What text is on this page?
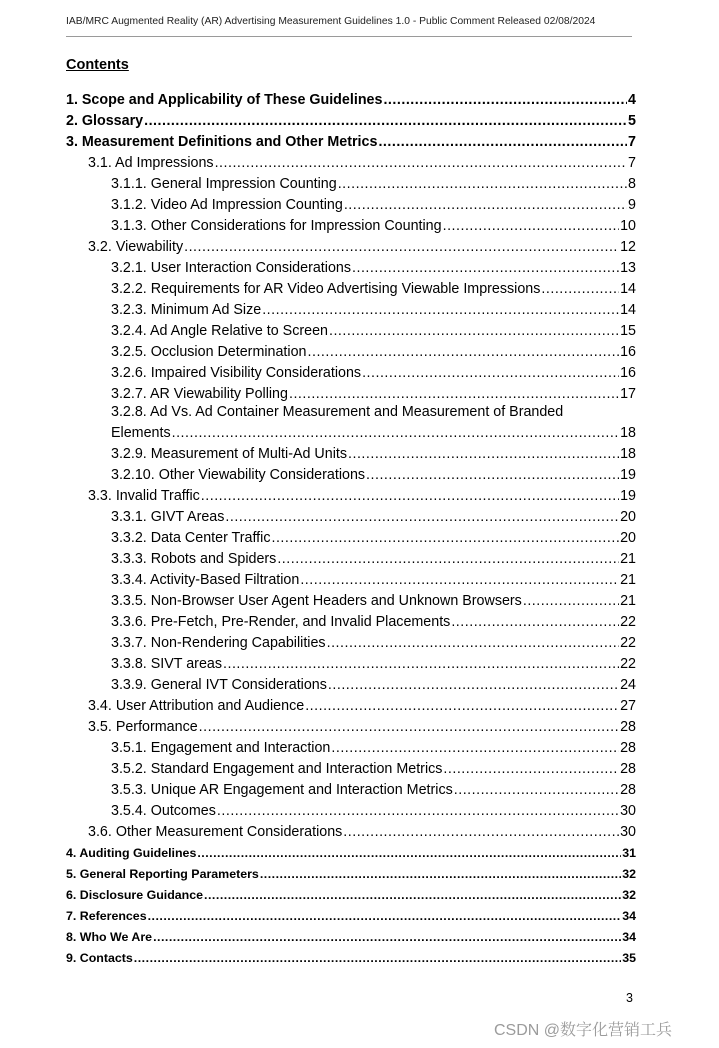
IAB/MRC Augmented Reality (AR) Advertising Measurement Guidelines 1.0 - Public Comment Released 02/08/2024
Contents
1. Scope and Applicability of These Guidelines .....	4
2. Glossary .....	5
3. Measurement Definitions and Other Metrics .....	7
3.1. Ad Impressions .....	7
3.1.1. General Impression Counting .....	8
3.1.2. Video Ad Impression Counting .....	9
3.1.3. Other Considerations for Impression Counting .....	10
3.2. Viewability .....	12
3.2.1. User Interaction Considerations .....	13
3.2.2. Requirements for AR Video Advertising Viewable Impressions .....	14
3.2.3. Minimum Ad Size .....	14
3.2.4. Ad Angle Relative to Screen .....	15
3.2.5. Occlusion Determination .....	16
3.2.6. Impaired Visibility Considerations .....	16
3.2.7. AR Viewability Polling .....	17
3.2.8. Ad Vs. Ad Container Measurement and Measurement of Branded
Elements .....	18
3.2.9. Measurement of Multi-Ad Units .....	18
3.2.10. Other Viewability Considerations .....	19
3.3. Invalid Traffic .....	19
3.3.1. GIVT Areas .....	20
3.3.2. Data Center Traffic .....	20
3.3.3. Robots and Spiders .....	21
3.3.4. Activity-Based Filtration .....	21
3.3.5. Non-Browser User Agent Headers and Unknown Browsers .....	21
3.3.6. Pre-Fetch, Pre-Render, and Invalid Placements .....	22
3.3.7. Non-Rendering Capabilities .....	22
3.3.8. SIVT areas .....	22
3.3.9. General IVT Considerations .....	24
3.4. User Attribution and Audience .....	27
3.5. Performance .....	28
3.5.1. Engagement and Interaction .....	28
3.5.2. Standard Engagement and Interaction Metrics .....	28
3.5.3. Unique AR Engagement and Interaction Metrics .....	28
3.5.4. Outcomes .....	30
3.6. Other Measurement Considerations .....	30
4. Auditing Guidelines .....	31
5. General Reporting Parameters .....	32
6. Disclosure Guidance .....	32
7. References .....	34
8. Who We Are .....	34
9. Contacts .....	35
3
CSDN @数字化营销工兵
